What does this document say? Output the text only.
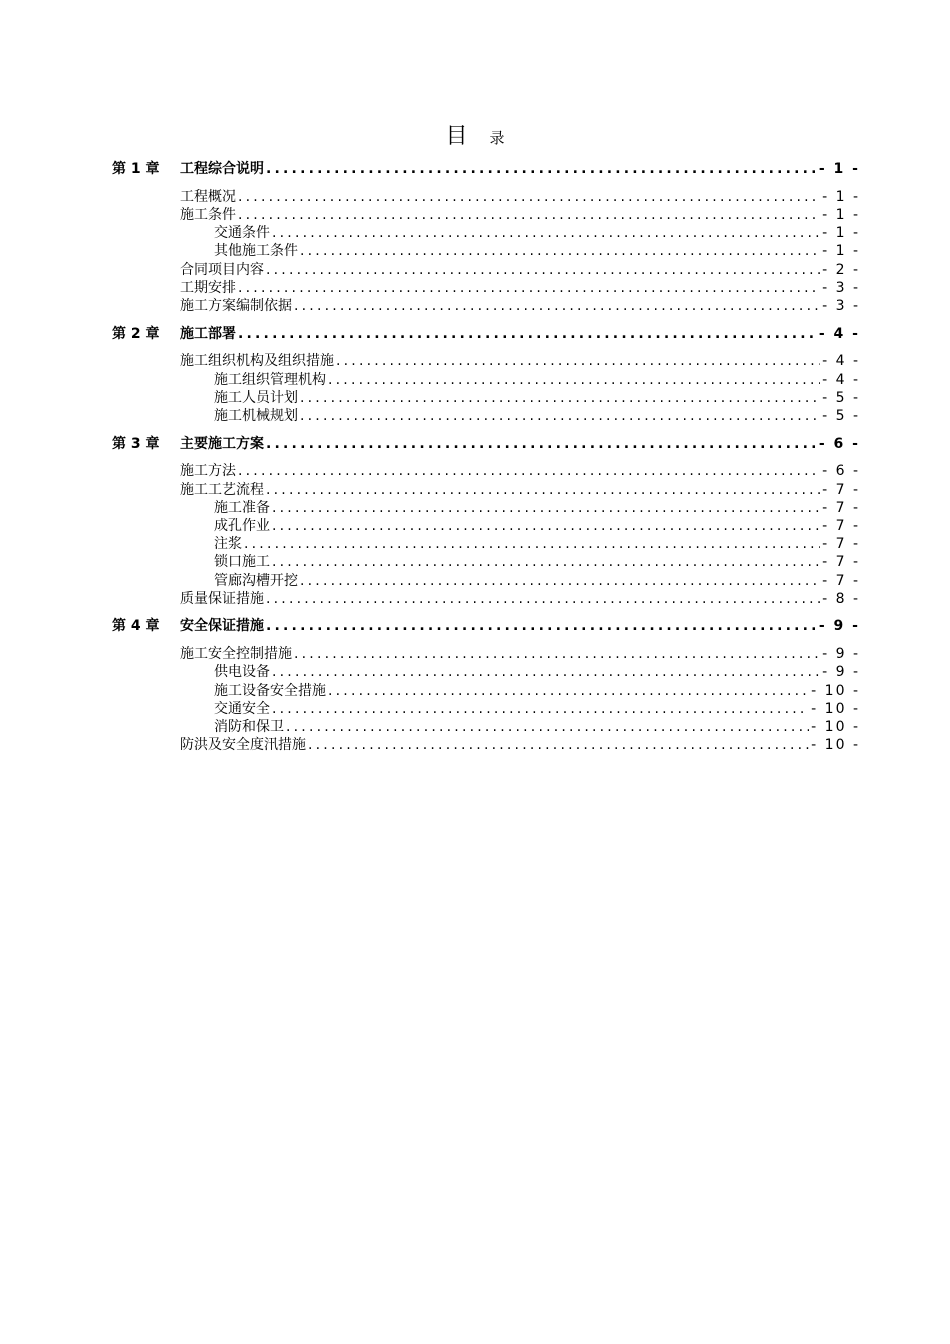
目 录
第 1 章	工程综合说明 .....	- 1 -
工程概况 .....	- 1 -
施工条件 .....	- 1 -
交通条件 .....	- 1 -
其他施工条件 .....	- 1 -
合同项目内容 .....	- 2 -
工期安排 .....	- 3 -
施工方案编制依据 .....	- 3 -
第 2 章	施工部署 .....	- 4 -
施工组织机构及组织措施 .....	- 4 -
施工组织管理机构 .....	- 4 -
施工人员计划 .....	- 5 -
施工机械规划 .....	- 5 -
第 3 章	主要施工方案 .....	- 6 -
施工方法 .....	- 6 -
施工工艺流程 .....	- 7 -
施工准备 .....	- 7 -
成孔作业 .....	- 7 -
注浆 .....	- 7 -
锁口施工 .....	- 7 -
管廊沟槽开挖 .....	- 7 -
质量保证措施 .....	- 8 -
第 4 章	安全保证措施 .....	- 9 -
施工安全控制措施 .....	- 9 -
供电设备 .....	- 9 -
施工设备安全措施 .....	- 10 -
交通安全 .....	- 10 -
消防和保卫 .....	- 10 -
防洪及安全度汛措施 .....	- 10 -
